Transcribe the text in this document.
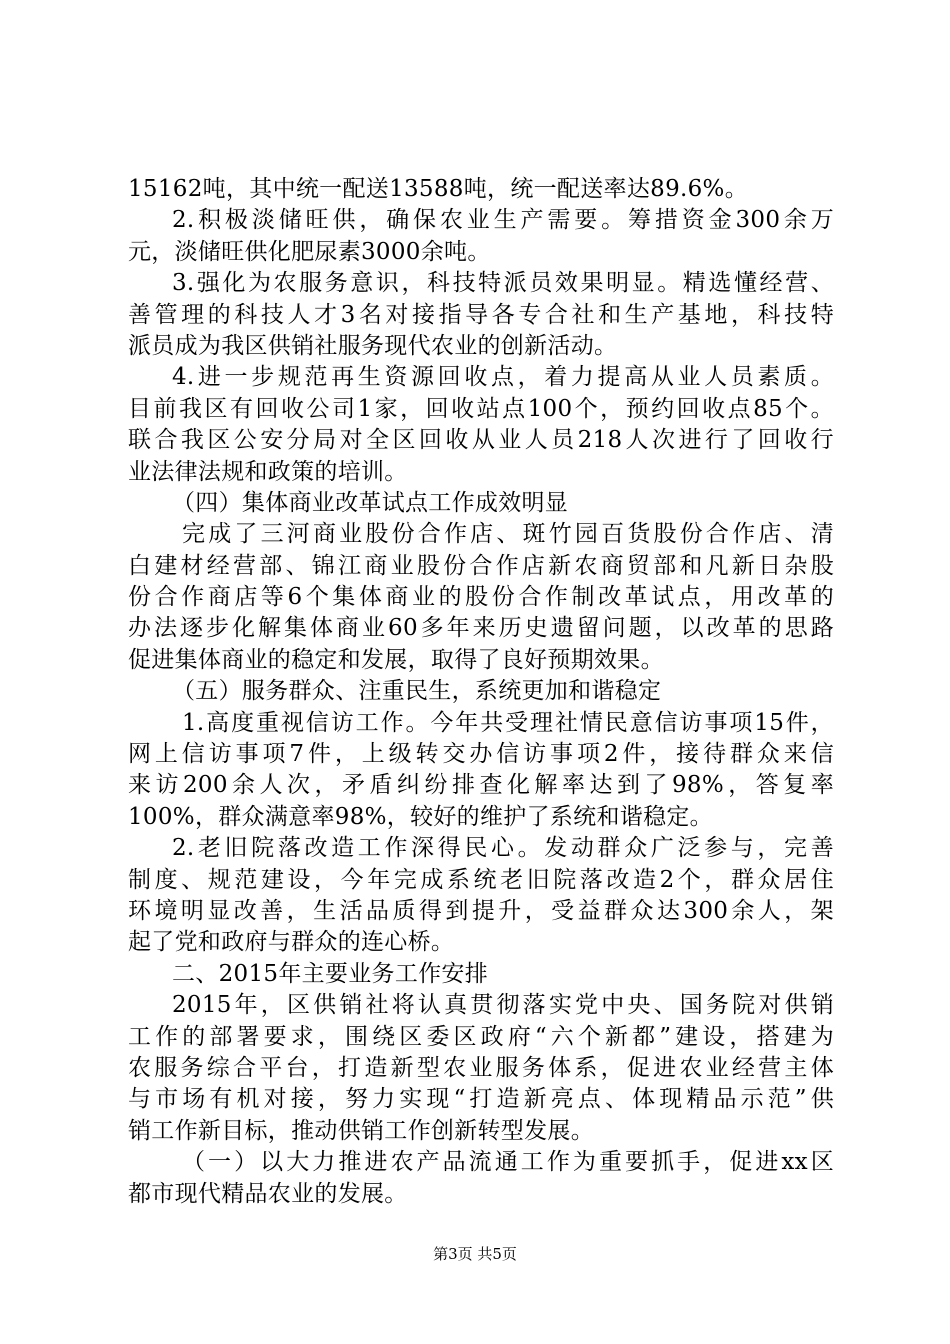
15162吨，其中统一配送13588吨，统一配送率达89.6%。
2.积极淡储旺供，确保农业生产需要。筹措资金300余万
元，淡储旺供化肥尿素3000余吨。
3.强化为农服务意识，科技特派员效果明显。精选懂经营、
善管理的科技人才3名对接指导各专合社和生产基地，科技特
派员成为我区供销社服务现代农业的创新活动。
4.进一步规范再生资源回收点，着力提高从业人员素质。
目前我区有回收公司1家，回收站点100个，预约回收点85个。
联合我区公安分局对全区回收从业人员218人次进行了回收行
业法律法规和政策的培训。
（四）集体商业改革试点工作成效明显
完成了三河商业股份合作店、斑竹园百货股份合作店、清
白建材经营部、锦江商业股份合作店新农商贸部和凡新日杂股
份合作商店等6个集体商业的股份合作制改革试点，用改革的
办法逐步化解集体商业60多年来历史遗留问题，以改革的思路
促进集体商业的稳定和发展，取得了良好预期效果。
（五）服务群众、注重民生，系统更加和谐稳定
1.高度重视信访工作。今年共受理社情民意信访事项15件，
网上信访事项7件，上级转交办信访事项2件，接待群众来信
来访200余人次，矛盾纠纷排查化解率达到了98%，答复率
100%，群众满意率98%，较好的维护了系统和谐稳定。
2.老旧院落改造工作深得民心。发动群众广泛参与，完善
制度、规范建设，今年完成系统老旧院落改造2个，群众居住
环境明显改善，生活品质得到提升，受益群众达300余人，架
起了党和政府与群众的连心桥。
二、2015年主要业务工作安排
2015年，区供销社将认真贯彻落实党中央、国务院对供销
工作的部署要求，围绕区委区政府“六个新都”建设，搭建为
农服务综合平台，打造新型农业服务体系，促进农业经营主体
与市场有机对接，努力实现“打造新亮点、体现精品示范”供
销工作新目标，推动供销工作创新转型发展。
（一）以大力推进农产品流通工作为重要抓手，促进xx区
都市现代精品农业的发展。
第3页 共5页
